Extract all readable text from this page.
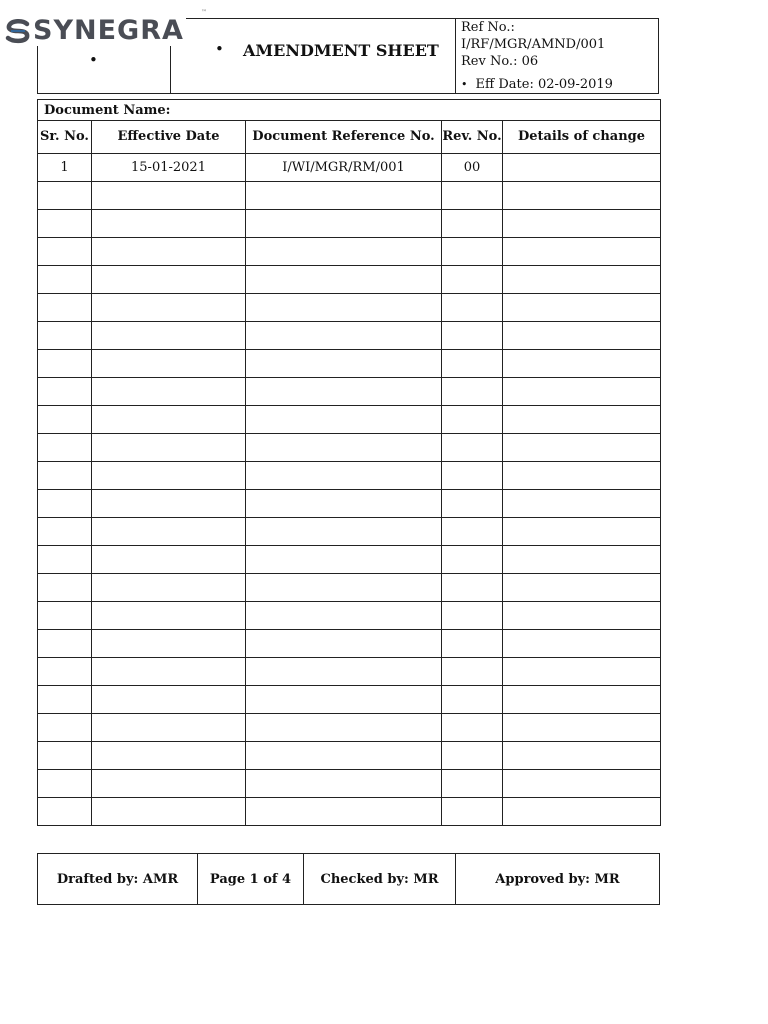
SYNEGRA
™
•

• AMENDMENT SHEET

Ref No.: I/RF/MGR/AMND/001
Rev No.: 06
• Eff Date: 02-09-2019
Document Name:				
Sr. No.	Effective Date	Document Reference No.	Rev. No.	Details of change
1	15-01-2021	I/WI/MGR/RM/001	00	

Drafted by: AMR	Page 1 of 4	Checked by: MR	Approved by: MR
